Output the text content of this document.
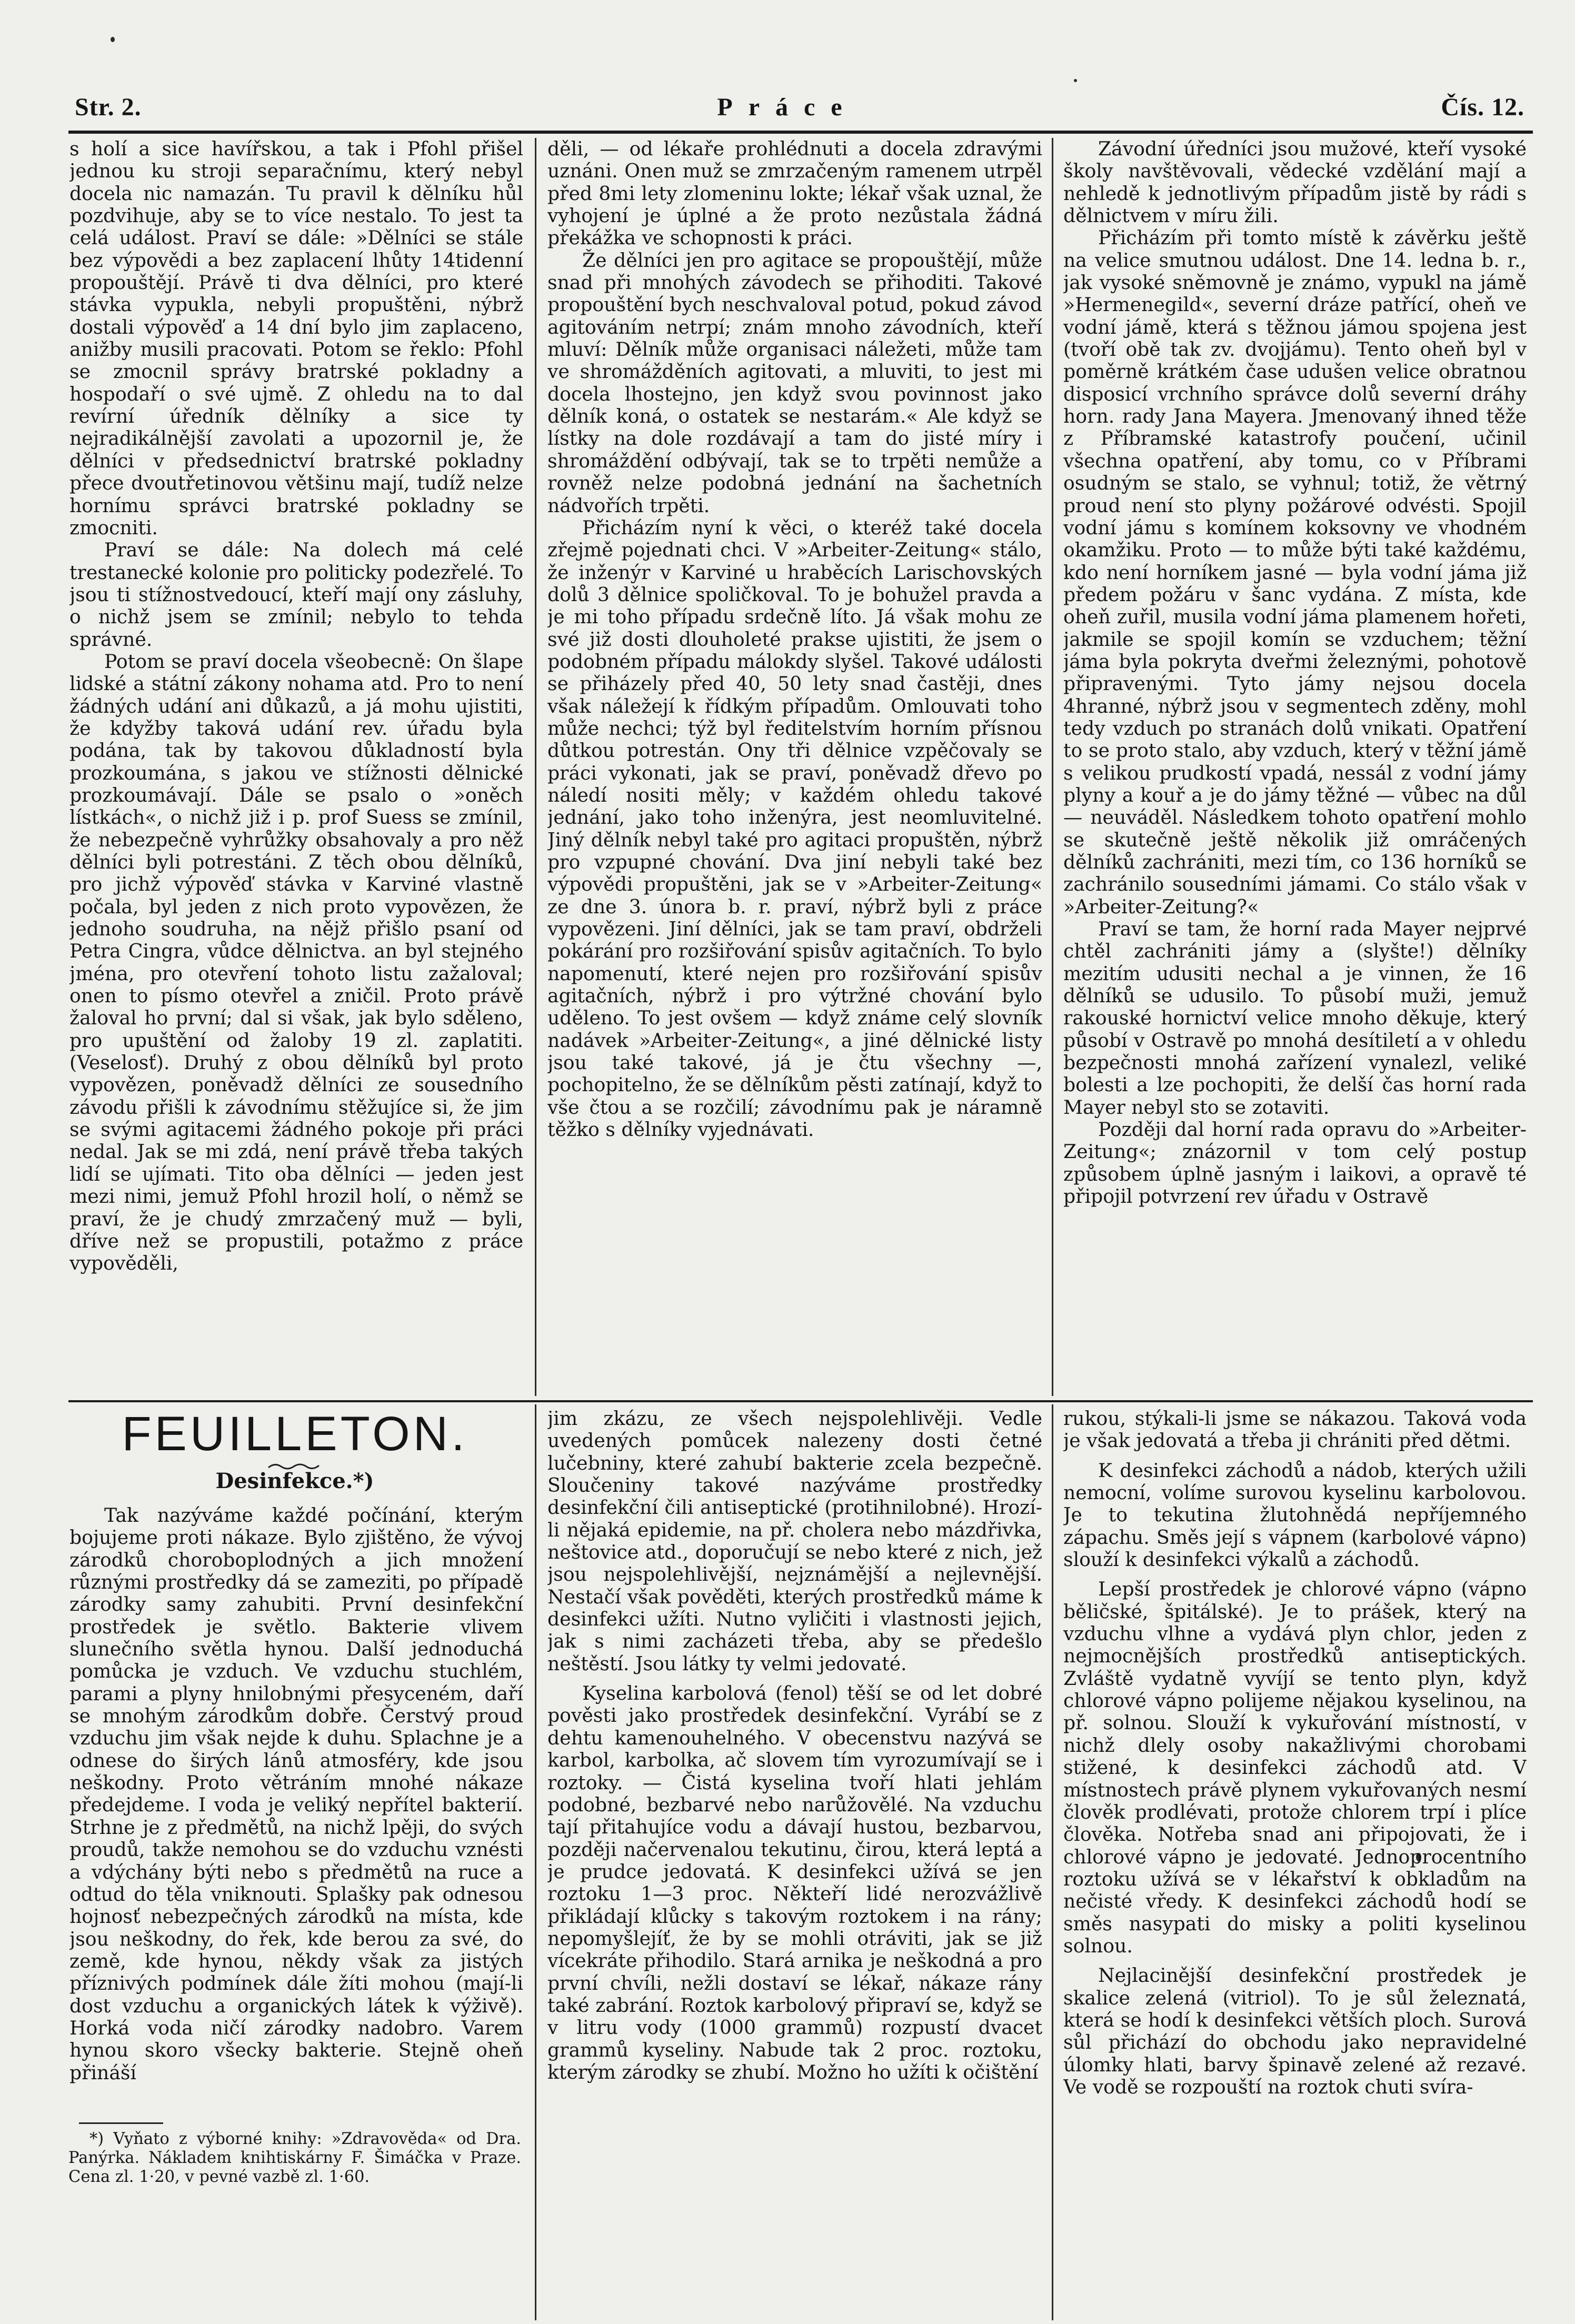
Str. 2.	Práce	Čís. 12.

s holí a sice havířskou, a tak i Pfohl přišel jednou ku stroji separačnímu, který nebyl docela nic namazán. Tu pravil k dělníku hůl pozdvihuje, aby se to více nestalo. To jest ta celá událost. Praví se dále: »Dělníci se stále bez výpovědi a bez zaplacení lhůty 14tidenní propouštějí. Právě ti dva dělníci, pro které stávka vypukla, nebyli propuštěni, nýbrž dostali výpověď a 14 dní bylo jim zaplaceno, anižby musili pracovati. Potom se řeklo: Pfohl se zmocnil správy bratrské pokladny a hospodaří o své ujmě. Z ohledu na to dal revírní úředník dělníky a sice ty nejradikálnější zavolati a upozornil je, že dělníci v předsednictví bratrské pokladny přece dvoutřetinovou většinu mají, tudíž nelze hornímu správci bratrské pokladny se zmocniti.

Praví se dále: Na dolech má celé trestanecké kolonie pro politicky podezřelé. To jsou ti stížnostvedoucí, kteří mají ony zásluhy, o nichž jsem se zmínil; nebylo to tehda správné.

Potom se praví docela všeobecně: On šlape lidské a státní zákony nohama atd. Pro to není žádných udání ani důkazů, a já mohu ujistiti, že kdyžby taková udání rev. úřadu byla podána, tak by takovou důkladností byla prozkoumána, s jakou ve stížnosti dělnické prozkoumávají. Dále se psalo o »oněch lístkách«, o nichž již i p. prof Suess se zmínil, že nebezpečně vyhrůžky obsahovaly a pro něž dělníci byli potrestáni. Z těch obou dělníků, pro jichž výpověď stávka v Karviné vlastně počala, byl jeden z nich proto vypovězen, že jednoho soudruha, na nějž přišlo psaní od Petra Cingra, vůdce dělnictva. an byl stejného jména, pro otevření tohoto listu zažaloval; onen to písmo otevřel a zničil. Proto právě žaloval ho první; dal si však, jak bylo sděleno, pro upuštění od žaloby 19 zl. zaplatiti. (Veselosť). Druhý z obou dělníků byl proto vypovězen, poněvadž dělníci ze sousedního závodu přišli k závodnímu stěžujíce si, že jim se svými agitacemi žádného pokoje při práci nedal. Jak se mi zdá, není právě třeba takých lidí se ujímati. Tito oba dělníci — jeden jest mezi nimi, jemuž Pfohl hrozil holí, o němž se praví, že je chudý zmrzačený muž — byli, dříve než se propustili, potažmo z práce vypověděli,

děli, — od lékaře prohlédnuti a docela zdravými uznáni. Onen muž se zmrzačeným ramenem utrpěl před 8mi lety zlomeninu lokte; lékař však uznal, že vyhojení je úplné a že proto nezůstala žádná překážka ve schopnosti k práci.

Že dělníci jen pro agitace se propouštějí, může snad při mnohých závodech se přihoditi. Takové propouštění bych neschvaloval potud, pokud závod agitováním netrpí; znám mnoho závodních, kteří mluví: Dělník může organisaci náležeti, může tam ve shromážděních agitovati, a mluviti, to jest mi docela lhostejno, jen když svou povinnost jako dělník koná, o ostatek se nestarám.« Ale když se lístky na dole rozdávají a tam do jisté míry i shromáždění odbývají, tak se to trpěti nemůže a rovněž nelze podobná jednání na šachetních nádvořích trpěti.

Přicházím nyní k věci, o kteréž také docela zřejmě pojednati chci. V »Arbeiter-Zeitung« stálo, že inženýr v Karviné u hraběcích Larischovských dolů 3 dělnice spoličkoval. To je bohužel pravda a je mi toho případu srdečně líto. Já však mohu ze své již dosti dlouholeté prakse ujistiti, že jsem o podobném případu málokdy slyšel. Takové události se přiházely před 40, 50 lety snad častěji, dnes však náležejí k řídkým případům. Omlouvati toho může nechci; týž byl ředitelstvím horním přísnou důtkou potrestán. Ony tři dělnice vzpěčovaly se práci vykonati, jak se praví, poněvadž dřevo po náledí nositi měly; v každém ohledu takové jednání, jako toho inženýra, jest neomluvitelné. Jiný dělník nebyl také pro agitaci propuštěn, nýbrž pro vzpupné chování. Dva jiní nebyli také bez výpovědi propuštěni, jak se v »Arbeiter-Zeitung« ze dne 3. února b. r. praví, nýbrž byli z práce vypovězeni. Jiní dělníci, jak se tam praví, obdrželi pokárání pro rozšiřování spisův agitačních. To bylo napomenutí, které nejen pro rozšiřování spisův agitačních, nýbrž i pro výtržné chování bylo uděleno. To jest ovšem — když známe celý slovník nadávek »Arbeiter-Zeitung«, a jiné dělnické listy jsou také takové, já je čtu všechny —, pochopitelno, že se dělníkům pěsti zatínají, když to vše čtou a se rozčilí; závodnímu pak je náramně těžko s dělníky vyjednávati.

Závodní úředníci jsou mužové, kteří vysoké školy navštěvovali, vědecké vzdělání mají a nehledě k jednotlivým případům jistě by rádi s dělnictvem v míru žili.

Přicházím při tomto místě k závěrku ještě na velice smutnou událost. Dne 14. ledna b. r., jak vysoké sněmovně je známo, vypukl na jámě »Hermenegild«, severní dráze patřící, oheň ve vodní jámě, která s těžnou jámou spojena jest (tvoří obě tak zv. dvojjámu). Tento oheň byl v poměrně krátkém čase udušen velice obratnou disposicí vrchního správce dolů severní dráhy horn. rady Jana Mayera. Jmenovaný ihned těže z Příbramské katastrofy poučení, učinil všechna opatření, aby tomu, co v Příbrami osudným se stalo, se vyhnul; totiž, že větrný proud není sto plyny požárové odvésti. Spojil vodní jámu s komínem koksovny ve vhodném okamžiku. Proto — to může býti také každému, kdo není horníkem jasné — byla vodní jáma již předem požáru v šanc vydána. Z místa, kde oheň zuřil, musila vodní jáma plamenem hořeti, jakmile se spojil komín se vzduchem; těžní jáma byla pokryta dveřmi železnými, pohotově připravenými. Tyto jámy nejsou docela 4hranné, nýbrž jsou v segmentech zděny, mohl tedy vzduch po stranách dolů vnikati. Opatření to se proto stalo, aby vzduch, který v těžní jámě s velikou prudkostí vpadá, nessál z vodní jámy plyny a kouř a je do jámy těžné — vůbec na důl — neuváděl. Následkem tohoto opatření mohlo se skutečně ještě několik již omráčených dělníků zachrániti, mezi tím, co 136 horníků se zachránilo sousedními jámami. Co stálo však v »Arbeiter-Zeitung?«

Praví se tam, že horní rada Mayer nejprvé chtěl zachrániti jámy a (slyšte!) dělníky mezitím udusiti nechal a je vinnen, že 16 dělníků se udusilo. To působí muži, jemuž rakouské hornictví velice mnoho děkuje, který působí v Ostravě po mnohá desítiletí a v ohledu bezpečnosti mnohá zařízení vynalezl, veliké bolesti a lze pochopiti, že delší čas horní rada Mayer nebyl sto se zotaviti.

Později dal horní rada opravu do »Arbeiter-Zeitung«; znázornil v tom celý postup způsobem úplně jasným i laikovi, a opravě té připojil potvrzení rev úřadu v Ostravě

FEUILLETON.
Desinfekce.*)

Tak nazýváme každé počínání, kterým bojujeme proti nákaze. Bylo zjištěno, že vývoj zárodků choroboplodných a jich množení různými prostředky dá se zameziti, po případě zárodky samy zahubiti. První desinfekční prostředek je světlo. Bakterie vlivem slunečního světla hynou. Další jednoduchá pomůcka je vzduch. Ve vzduchu stuchlém, parami a plyny hnilobnými přesyceném, daří se mnohým zárodkům dobře. Čerstvý proud vzduchu jim však nejde k duhu. Splachne je a odnese do širých lánů atmosféry, kde jsou neškodny. Proto větráním mnohé nákaze předejdeme. I voda je veliký nepřítel bakterií. Strhne je z předmětů, na nichž lpěji, do svých proudů, takže nemohou se do vzduchu vznésti a vdýchány býti nebo s předmětů na ruce a odtud do těla vniknouti. Splašky pak odnesou hojnosť nebezpečných zárodků na místa, kde jsou neškodny, do řek, kde berou za své, do země, kde hynou, někdy však za jistých příznivých podmínek dále žíti mohou (mají-li dost vzduchu a organických látek k výživě). Horká voda ničí zárodky nadobro. Varem hynou skoro všecky bakterie. Stejně oheň přináší

*) Vyňato z výborné knihy: »Zdravověda« od Dra. Panýrka. Nákladem knihtiskárny F. Šimáčka v Praze. Cena zl. 1·20, v pevné vazbě zl. 1·60.

jim zkázu, ze všech nejspolehlivěji. Vedle uvedených pomůcek nalezeny dosti četné lučebniny, které zahubí bakterie zcela bezpečně. Sloučeniny takové nazýváme prostředky desinfekční čili antiseptické (protihnilobné). Hrozí-li nějaká epidemie, na př. cholera nebo mázdřivka, neštovice atd., doporučují se nebo které z nich, jež jsou nejspolehlivější, nejznámější a nejlevnější. Nestačí však pověděti, kterých prostředků máme k desinfekci užíti. Nutno vyličiti i vlastnosti jejich, jak s nimi zacházeti třeba, aby se předešlo neštěstí. Jsou látky ty velmi jedovaté.

Kyselina karbolová (fenol) těší se od let dobré pověsti jako prostředek desinfekční. Vyrábí se z dehtu kamenouhelného. V obecenstvu nazývá se karbol, karbolka, ač slovem tím vyrozumívají se i roztoky. — Čistá kyselina tvoří hlati jehlám podobné, bezbarvé nebo narůžovělé. Na vzduchu tají přitahujíce vodu a dávají hustou, bezbarvou, později načervenalou tekutinu, čirou, která leptá a je prudce jedovatá. K desinfekci užívá se jen roztoku 1—3 proc. Někteří lidé nerozvážlivě přikládají klůcky s takovým roztokem i na rány; nepomyšlejíť, že by se mohli otráviti, jak se již vícekráte přihodilo. Stará arnika je neškodná a pro první chvíli, nežli dostaví se lékař, nákaze rány také zabrání. Roztok karbolový připraví se, když se v litru vody (1000 grammů) rozpustí dvacet grammů kyseliny. Nabude tak 2 proc. roztoku, kterým zárodky se zhubí. Možno ho užíti k očištění

rukou, stýkali-li jsme se nákazou. Taková voda je však jedovatá a třeba ji chrániti před dětmi.

K desinfekci záchodů a nádob, kterých užili nemocní, volíme surovou kyselinu karbolovou. Je to tekutina žlutohnědá nepříjemného zápachu. Směs její s vápnem (karbolové vápno) slouží k desinfekci výkalů a záchodů.

Lepší prostředek je chlorové vápno (vápno běličské, špitálské). Je to prášek, který na vzduchu vlhne a vydává plyn chlor, jeden z nejmocnějších prostředků antiseptických. Zvláště vydatně vyvíjí se tento plyn, když chlorové vápno polijeme nějakou kyselinou, na př. solnou. Slouží k vykuřování místností, v nichž dlely osoby nakažlivými chorobami stižené, k desinfekci záchodů atd. V místnostech právě plynem vykuřovaných nesmí člověk prodlévati, protože chlorem trpí i plíce člověka. Notřeba snad ani připojovati, že i chlorové vápno je jedovaté. Jednoprocentního roztoku užívá se v lékařství k obkladům na nečisté vředy. K desinfekci záchodů hodí se směs nasypati do misky a politi kyselinou solnou.

Nejlacinější desinfekční prostředek je skalice zelená (vitriol). To je sůl železnatá, která se hodí k desinfekci větších ploch. Surová sůl přichází do obchodu jako nepravidelné úlomky hlati, barvy špinavě zelené až rezavé. Ve vodě se rozpouští na roztok chuti svíra-
